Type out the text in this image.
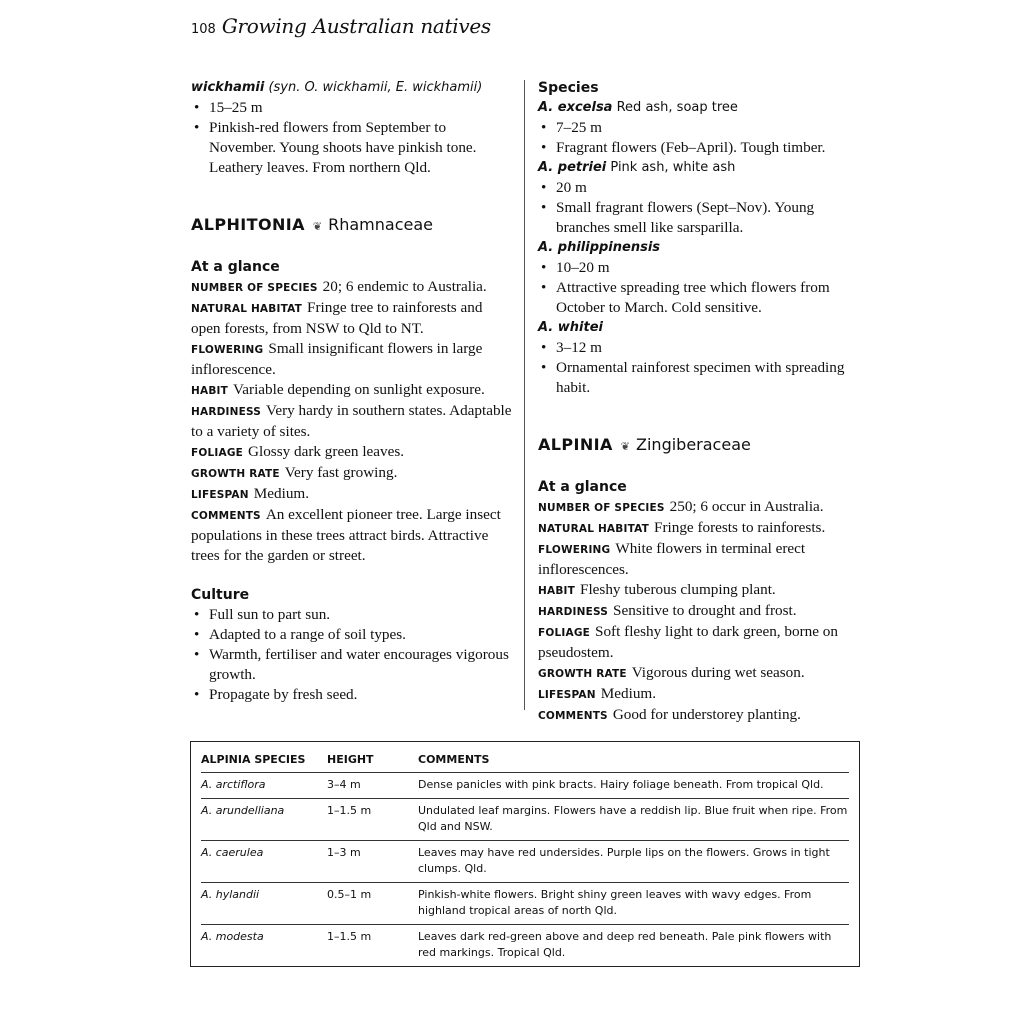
108 Growing Australian natives
wickhamii (syn. O. wickhamii, E. wickhamii)
• 15–25 m
• Pinkish-red flowers from September to November. Young shoots have pinkish tone. Leathery leaves. From northern Qld.
ALPHITONIA ❦ Rhamnaceae
At a glance
NUMBER OF SPECIES 20; 6 endemic to Australia.
NATURAL HABITAT Fringe tree to rainforests and open forests, from NSW to Qld to NT.
FLOWERING Small insignificant flowers in large inflorescence.
HABIT Variable depending on sunlight exposure.
HARDINESS Very hardy in southern states. Adaptable to a variety of sites.
FOLIAGE Glossy dark green leaves.
GROWTH RATE Very fast growing.
LIFESPAN Medium.
COMMENTS An excellent pioneer tree. Large insect populations in these trees attract birds. Attractive trees for the garden or street.
Culture
• Full sun to part sun.
• Adapted to a range of soil types.
• Warmth, fertiliser and water encourages vigorous growth.
• Propagate by fresh seed.
Species
A. excelsa Red ash, soap tree
• 7–25 m
• Fragrant flowers (Feb–April). Tough timber.
A. petriei Pink ash, white ash
• 20 m
• Small fragrant flowers (Sept–Nov). Young branches smell like sarsparilla.
A. philippinensis
• 10–20 m
• Attractive spreading tree which flowers from October to March. Cold sensitive.
A. whitei
• 3–12 m
• Ornamental rainforest specimen with spreading habit.
ALPINIA ❦ Zingiberaceae
At a glance
NUMBER OF SPECIES 250; 6 occur in Australia.
NATURAL HABITAT Fringe forests to rainforests.
FLOWERING White flowers in terminal erect inflorescences.
HABIT Fleshy tuberous clumping plant.
HARDINESS Sensitive to drought and frost.
FOLIAGE Soft fleshy light to dark green, borne on pseudostem.
GROWTH RATE Vigorous during wet season.
LIFESPAN Medium.
COMMENTS Good for understorey planting.
ALPINIA SPECIES	HEIGHT	COMMENTS
A. arctiflora	3–4 m	Dense panicles with pink bracts. Hairy foliage beneath. From tropical Qld.
A. arundelliana	1–1.5 m	Undulated leaf margins. Flowers have a reddish lip. Blue fruit when ripe. From Qld and NSW.
A. caerulea	1–3 m	Leaves may have red undersides. Purple lips on the flowers. Grows in tight clumps. Qld.
A. hylandii	0.5–1 m	Pinkish-white flowers. Bright shiny green leaves with wavy edges. From highland tropical areas of north Qld.
A. modesta	1–1.5 m	Leaves dark red-green above and deep red beneath. Pale pink flowers with red markings. Tropical Qld.
